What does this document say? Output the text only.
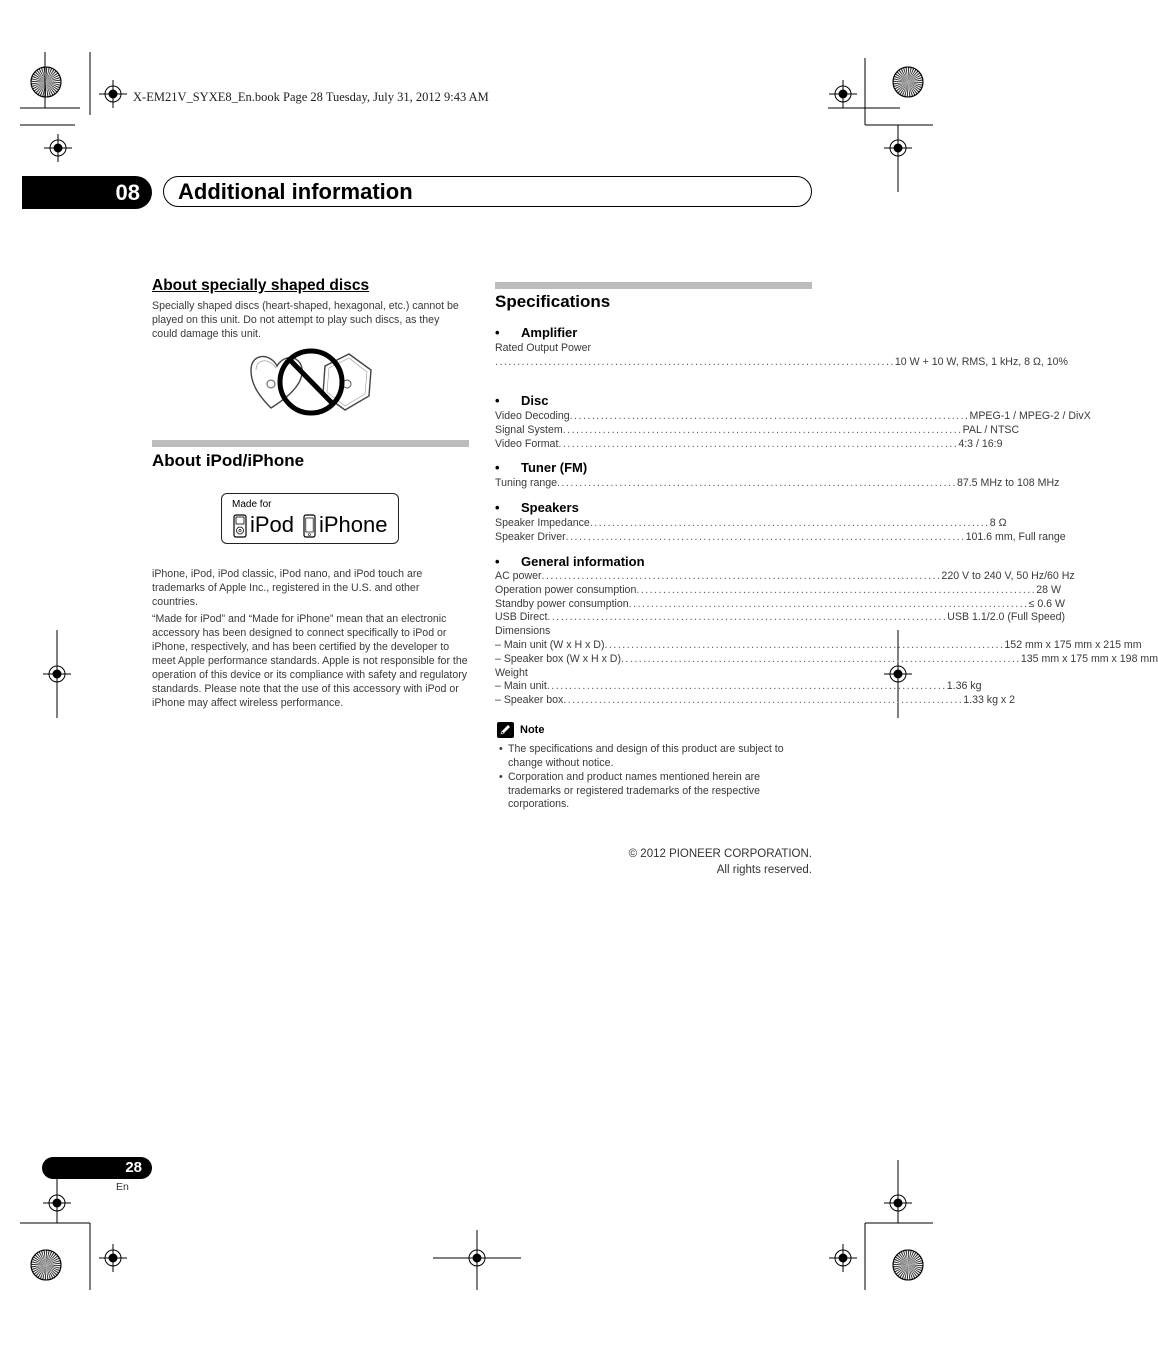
X-EM21V_SYXE8_En.book Page 28 Tuesday, July 31, 2012 9:43 AM
08	Additional information
About specially shaped discs
Specially shaped discs (heart-shaped, hexagonal, etc.) cannot be played on this unit. Do not attempt to play such discs, as they could damage this unit.
About iPod/iPhone
Made for
iPod iPhone
iPhone, iPod, iPod classic, iPod nano, and iPod touch are trademarks of Apple Inc., registered in the U.S. and other countries.
“Made for iPod” and “Made for iPhone” mean that an electronic accessory has been designed to connect specifically to iPod or iPhone, respectively, and has been certified by the developer to meet Apple performance standards. Apple is not responsible for the operation of this device or its compliance with safety and regulatory standards. Please note that the use of this accessory with iPod or iPhone may affect wireless performance.
Specifications
• Amplifier
Rated Output Power
.......................................................................................... 10 W + 10 W, RMS, 1 kHz, 8 Ω, 10%
• Disc
Video Decoding .......................................................................................... MPEG-1 / MPEG-2 / DivX
Signal System .......................................................................................... PAL / NTSC
Video Format .......................................................................................... 4:3 / 16:9
• Tuner (FM)
Tuning range .......................................................................................... 87.5 MHz to 108 MHz
• Speakers
Speaker Impedance .......................................................................................... 8 Ω
Speaker Driver .......................................................................................... 101.6 mm, Full range
• General information
AC power .......................................................................................... 220 V to 240 V, 50 Hz/60 Hz
Operation power consumption .......................................................................................... 28 W
Standby power consumption .......................................................................................... ≤ 0.6 W
USB Direct .......................................................................................... USB 1.1/2.0 (Full Speed)
Dimensions
– Main unit (W x H x D) .......................................................................................... 152 mm x 175 mm x 215 mm
– Speaker box (W x H x D) .......................................................................................... 135 mm x 175 mm x 198 mm
Weight
– Main unit .......................................................................................... 1.36 kg
– Speaker box .......................................................................................... 1.33 kg x 2
Note
• The specifications and design of this product are subject to change without notice.
• Corporation and product names mentioned herein are trademarks or registered trademarks of the respective corporations.
© 2012 PIONEER CORPORATION.
All rights reserved.
28
En
